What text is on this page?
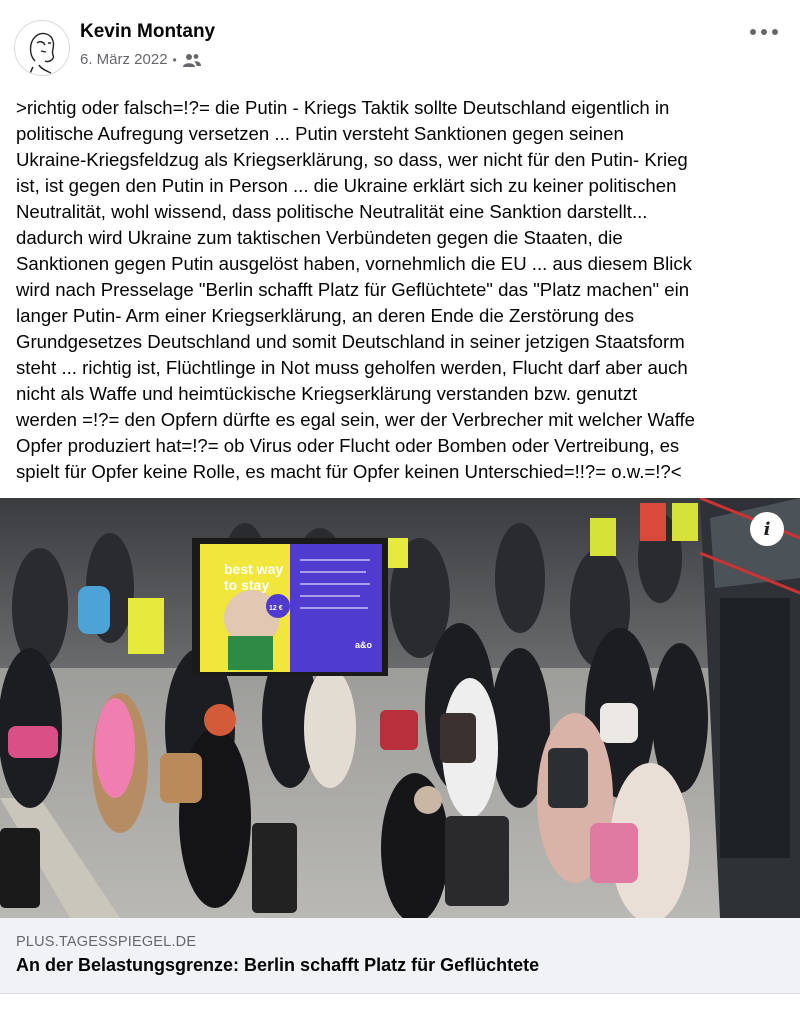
Kevin Montany
6. März 2022 •
>richtig oder falsch=!?= die Putin - Kriegs Taktik sollte Deutschland eigentlich in
politische Aufregung versetzen ... Putin versteht Sanktionen gegen seinen
Ukraine-Kriegsfeldzug als Kriegserklärung, so dass, wer nicht für den Putin- Krieg
ist, ist gegen den Putin in Person ... die Ukraine erklärt sich zu keiner politischen
Neutralität, wohl wissend, dass politische Neutralität eine Sanktion darstellt...
dadurch wird Ukraine zum taktischen Verbündeten gegen die Staaten, die
Sanktionen gegen Putin ausgelöst haben, vornehmlich die EU ... aus diesem Blick
wird nach Presselage "Berlin schafft Platz für Geflüchtete" das "Platz machen" ein
langer Putin- Arm einer Kriegserklärung, an deren Ende die Zerstörung des
Grundgesetzes Deutschland und somit Deutschland in seiner jetzigen Staatsform
steht ... richtig ist, Flüchtlinge in Not muss geholfen werden, Flucht darf aber auch
nicht als Waffe und heimtückische Kriegserklärung verstanden bzw. genutzt
werden =!?= den Opfern dürfte es egal sein, wer der Verbrecher mit welcher Waffe
Opfer produziert hat=!?= ob Virus oder Flucht oder Bomben oder Vertreibung, es
spielt für Opfer keine Rolle, es macht für Opfer keinen Unterschied=!!?= o.w.=!?<
best way
to stay
12 €
a&o
i
PLUS.TAGESSPIEGEL.DE
An der Belastungsgrenze: Berlin schafft Platz für Geflüchtete
